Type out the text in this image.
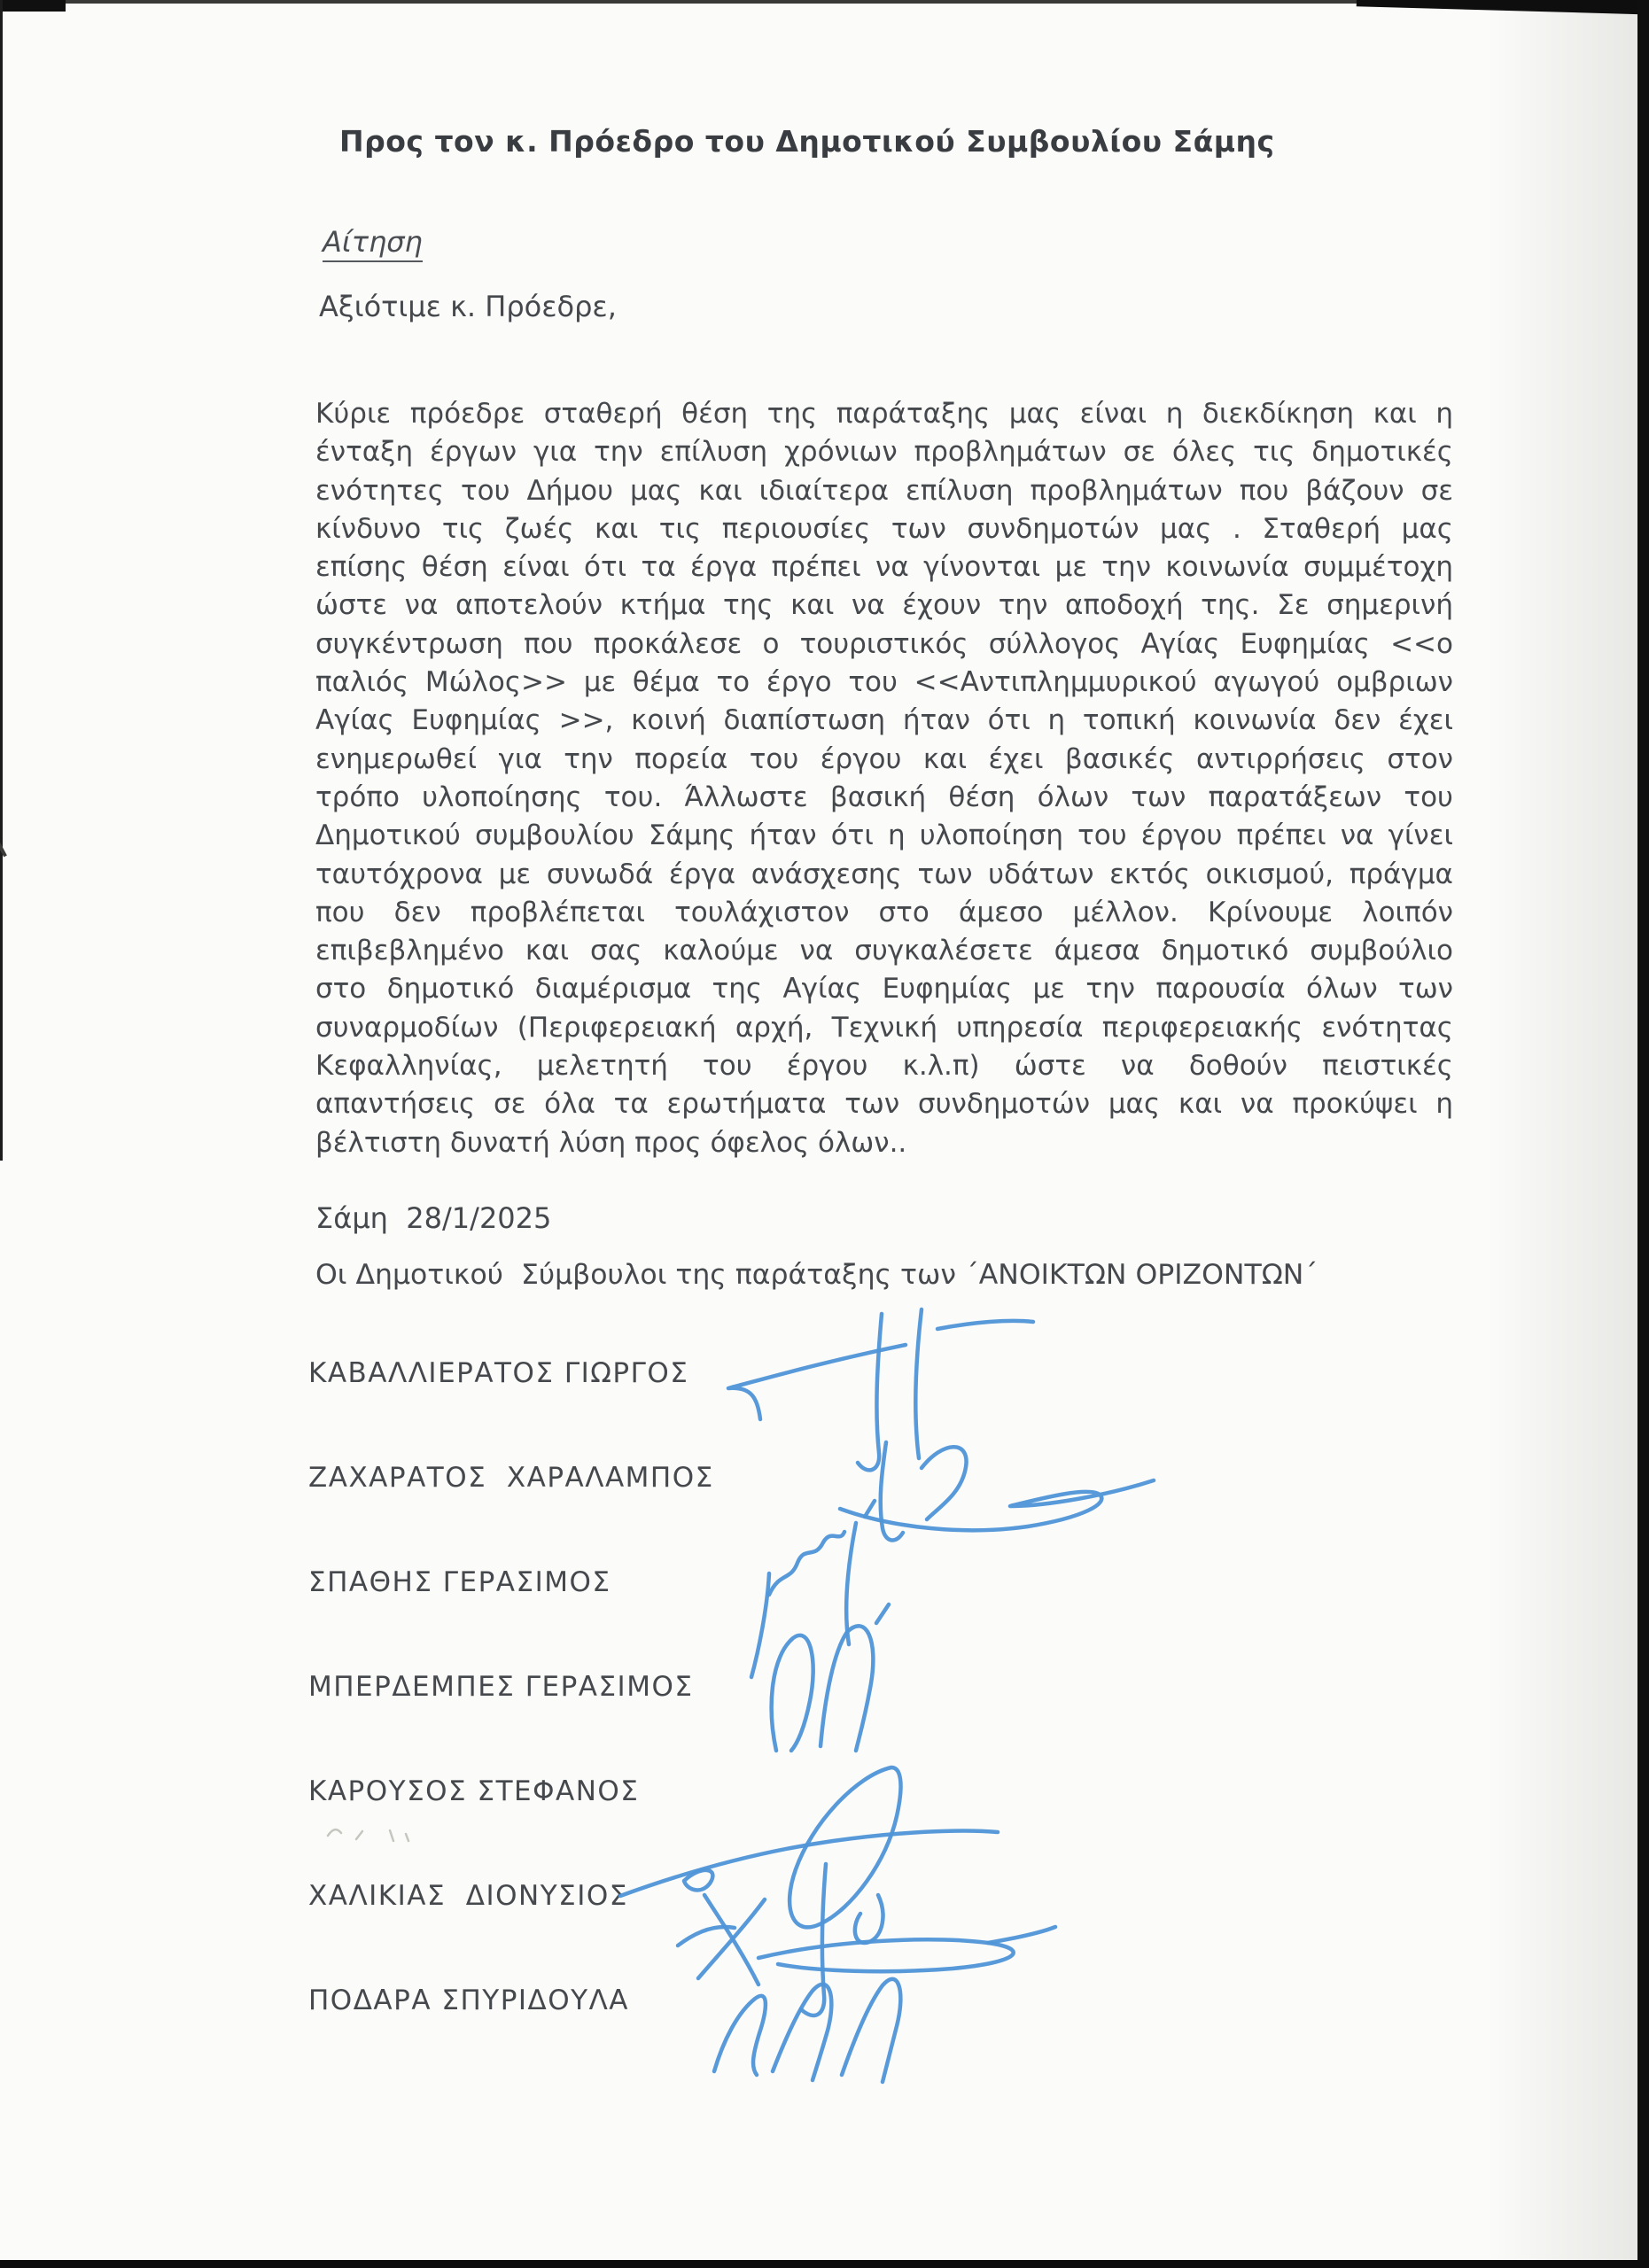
Προς τον κ. Πρόεδρο του Δημοτικού Συμβουλίου Σάμης
Αίτηση
Αξιότιμε κ. Πρόεδρε,
Κύριε πρόεδρε σταθερή θέση της παράταξης μας είναι η διεκδίκηση και η
ένταξη έργων για την επίλυση χρόνιων προβλημάτων σε όλες τις δημοτικές
ενότητες του Δήμου μας και ιδιαίτερα επίλυση προβλημάτων που βάζουν σε
κίνδυνο τις ζωές και τις περιουσίες των συνδημοτών μας . Σταθερή μας
επίσης θέση είναι ότι τα έργα πρέπει να γίνονται με την κοινωνία συμμέτοχη
ώστε να αποτελούν κτήμα της και να έχουν την αποδοχή της. Σε σημερινή
συγκέντρωση που προκάλεσε ο τουριστικός σύλλογος Αγίας Ευφημίας <<ο
παλιός Μώλος>> με θέμα το έργο του <<Αντιπλημμυρικού αγωγού ομβριων
Αγίας Ευφημίας >>, κοινή διαπίστωση ήταν ότι η τοπική κοινωνία δεν έχει
ενημερωθεί για την πορεία του έργου και έχει βασικές αντιρρήσεις στον
τρόπο υλοποίησης του. Άλλωστε βασική θέση όλων των παρατάξεων του
Δημοτικού συμβουλίου Σάμης ήταν ότι η υλοποίηση του έργου πρέπει να γίνει
ταυτόχρονα με συνωδά έργα ανάσχεσης των υδάτων εκτός οικισμού, πράγμα
που δεν προβλέπεται τουλάχιστον στο άμεσο μέλλον. Κρίνουμε λοιπόν
επιβεβλημένο και σας καλούμε να συγκαλέσετε άμεσα δημοτικό συμβούλιο
στο δημοτικό διαμέρισμα της Αγίας Ευφημίας με την παρουσία όλων των
συναρμοδίων (Περιφερειακή αρχή, Τεχνική υπηρεσία περιφερειακής ενότητας
Κεφαλληνίας, μελετητή του έργου κ.λ.π) ώστε να δοθούν πειστικές
απαντήσεις σε όλα τα ερωτήματα των συνδημοτών μας και να προκύψει η
βέλτιστη δυνατή λύση προς όφελος όλων..
Σάμη  28/1/2025
Οι Δημοτικού  Σύμβουλοι της παράταξης των ΄ΑΝΟΙΚΤΩΝ ΟΡΙΖΟΝΤΩΝ΄
ΚΑΒΑΛΛΙΕΡΑΤΟΣ ΓΙΩΡΓΟΣ
ΖΑΧΑΡΑΤΟΣ  ΧΑΡΑΛΑΜΠΟΣ
ΣΠΑΘΗΣ ΓΕΡΑΣΙΜΟΣ
ΜΠΕΡΔΕΜΠΕΣ ΓΕΡΑΣΙΜΟΣ
ΚΑΡΟΥΣΟΣ ΣΤΕΦΑΝΟΣ
ΧΑΛΙΚΙΑΣ  ΔΙΟΝΥΣΙΟΣ
ΠΟΔΑΡΑ ΣΠΥΡΙΔΟΥΛΑ
